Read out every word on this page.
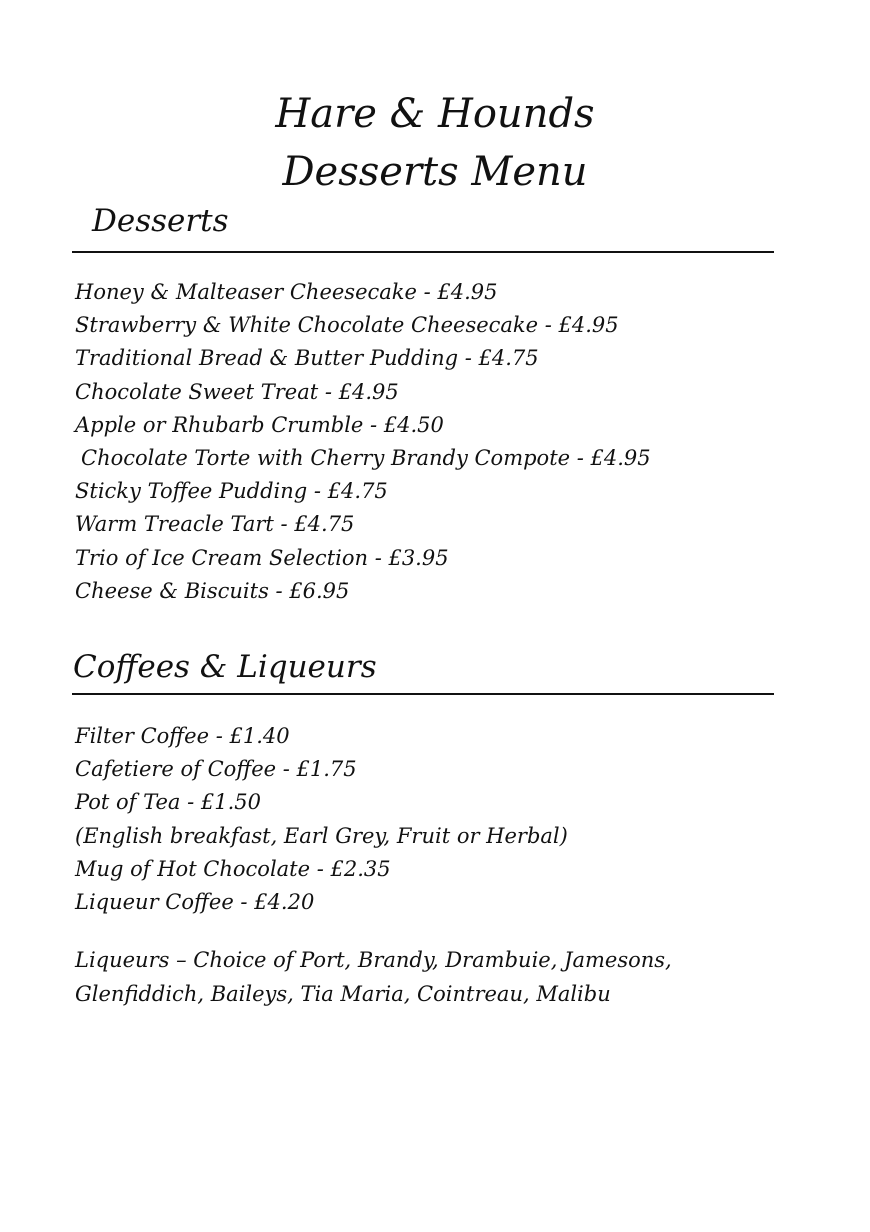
Hare & Hounds
Desserts Menu
Desserts
Honey & Malteaser Cheesecake - £4.95
Strawberry & White Chocolate Cheesecake - £4.95
Traditional Bread & Butter Pudding - £4.75
Chocolate Sweet Treat - £4.95
Apple or Rhubarb Crumble - £4.50
Chocolate Torte with Cherry Brandy Compote - £4.95
Sticky Toffee Pudding - £4.75
Warm Treacle Tart - £4.75
Trio of Ice Cream Selection - £3.95
Cheese & Biscuits - £6.95
Coffees & Liqueurs
Filter Coffee - £1.40
Cafetiere of Coffee - £1.75
Pot of Tea - £1.50
(English breakfast, Earl Grey, Fruit or Herbal)
Mug of Hot Chocolate - £2.35
Liqueur Coffee - £4.20

Liqueurs – Choice of Port, Brandy, Drambuie, Jamesons,
Glenfiddich, Baileys, Tia Maria, Cointreau, Malibu
